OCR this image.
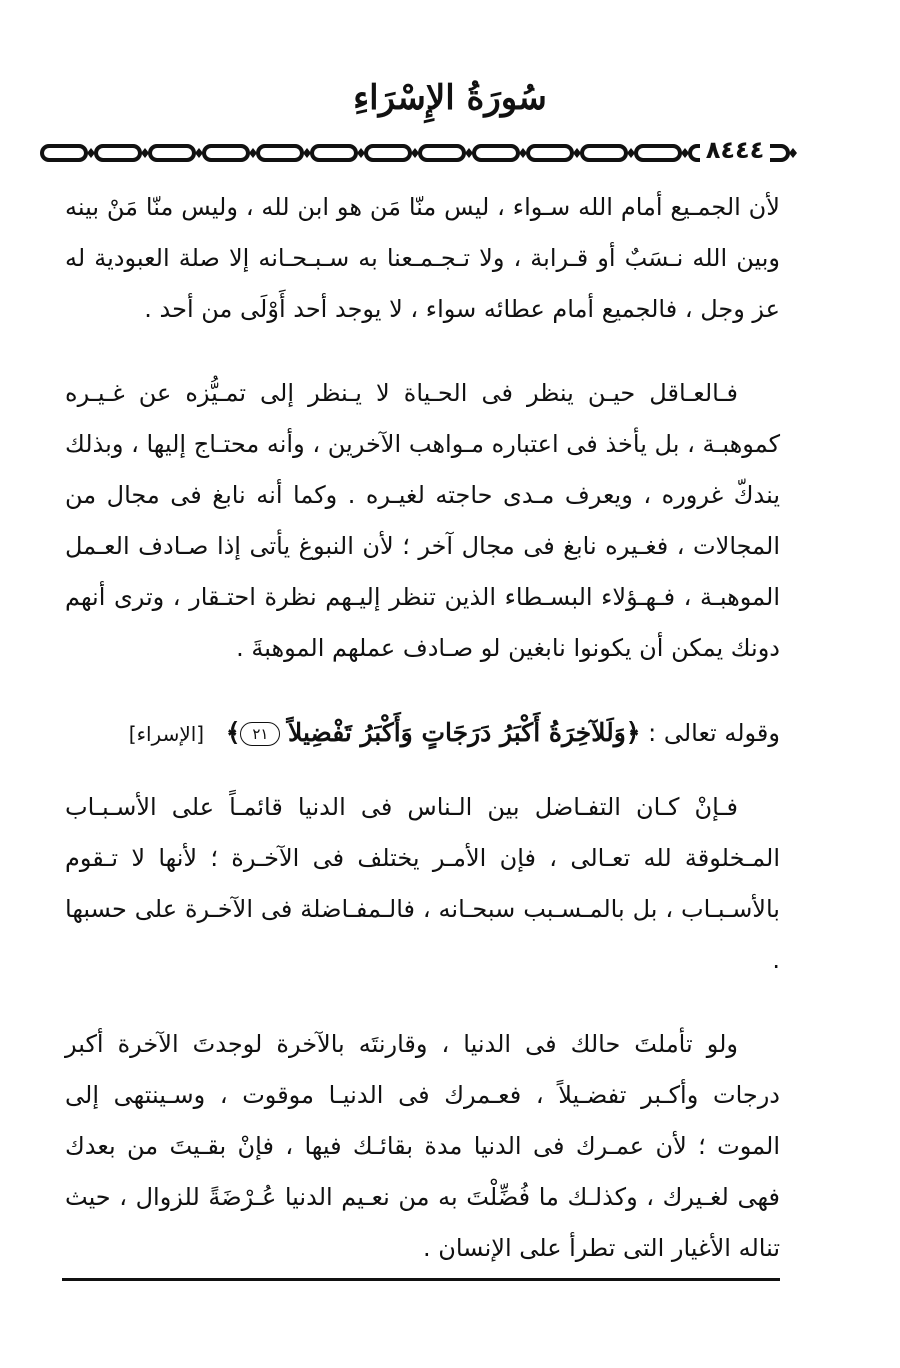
سُورَةُ الإِسْرَاءِ
٨٤٤٤

لأن الجمـيع أمام الله سـواء ، ليس منّا مَن هو ابن لله ، وليس منّا مَنْ بينه وبين الله نـسَبٌ أو قـرابة ، ولا تـجـمـعنا به سـبـحـانه إلا صلة العبودية له عز وجل ، فالجميع أمام عطائه سواء ، لا يوجد أحد أَوْلَى من أحد .

فـالعـاقل حيـن ينظر فى الحـياة لا يـنظر إلى تمـيُّزه عن غـيـره كموهبـة ، بل يأخذ فى اعتباره مـواهب الآخرين ، وأنه محتـاج إليها ، وبذلك يندكّ غروره ، ويعرف مـدى حاجته لغيـره . وكما أنه نابغ فى مجال من المجالات ، فغـيره نابغ فى مجال آخر ؛ لأن النبوغ يأتى إذا صـادف العـمل الموهبـة ، فـهـؤلاء البسـطاء الذين تنظر إليـهم نظرة احتـقار ، وترى أنهم دونك يمكن أن يكونوا نابغين لو صـادف عملهم الموهبةَ .

وقوله تعالى : ﴿وَلَلآخِرَةُ أَكْبَرُ دَرَجَاتٍ وَأَكْبَرُ تَفْضِيلاً ٢١﴾ [الإسراء]

فـإنْ كـان التفـاضل بين الـناس فى الدنيا قائمـاً على الأسـبـاب المـخلوقة لله تعـالى ، فإن الأمـر يختلف فى الآخـرة ؛ لأنها لا تـقوم بالأسـبـاب ، بل بالمـسـبب سبحـانه ، فالـمفـاضلة فى الآخـرة على حسبها .

ولو تأملتَ حالك فى الدنيا ، وقارنتَه بالآخرة لوجدتَ الآخرة أكبر درجات وأكـبر تفضـيلاً ، فعـمرك فى الدنيـا موقوت ، وسـينتهى إلى الموت ؛ لأن عمـرك فى الدنيا مدة بقائـك فيها ، فإنْ بقـيتَ من بعدك فهى لغـيرك ، وكذلـك ما فُضِّلْتَ به من نعـيم الدنيا عُـرْضَةً للزوال ، حيث تناله الأغيار التى تطرأ على الإنسان .
